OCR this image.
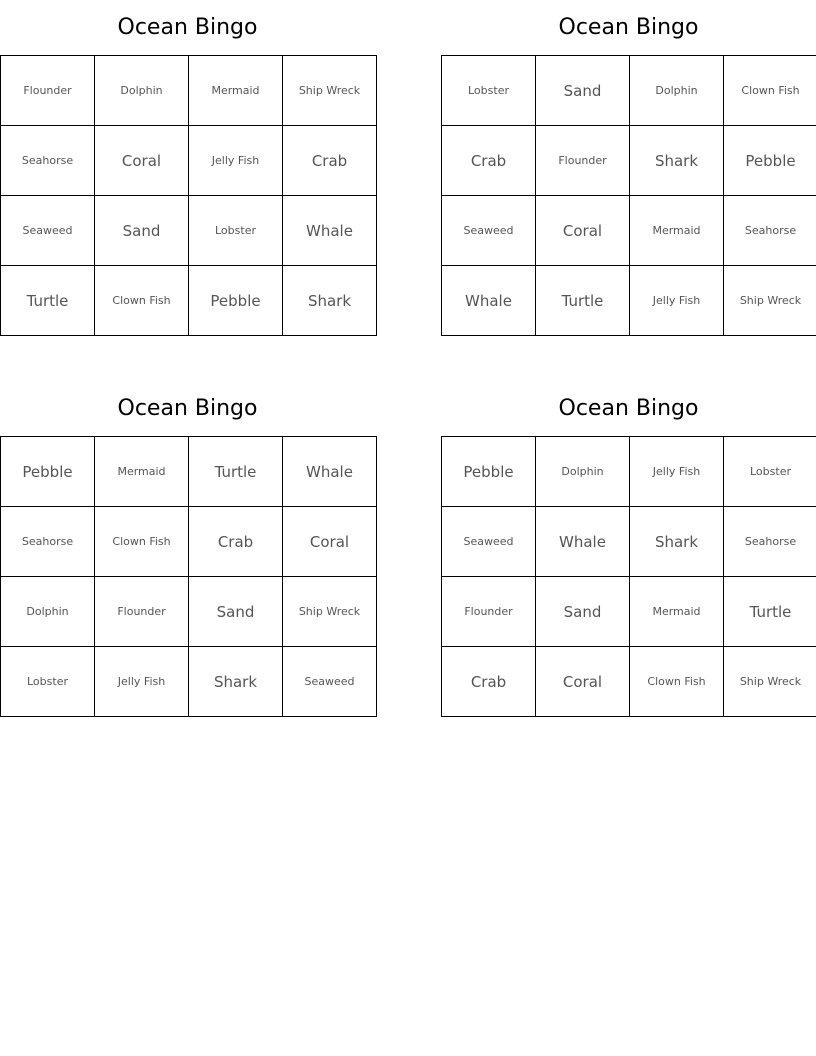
Ocean Bingo
Flounder	Dolphin	Mermaid	Ship Wreck
Seahorse	Coral	Jelly Fish	Crab
Seaweed	Sand	Lobster	Whale
Turtle	Clown Fish	Pebble	Shark
Ocean Bingo
Lobster	Sand	Dolphin	Clown Fish
Crab	Flounder	Shark	Pebble
Seaweed	Coral	Mermaid	Seahorse
Whale	Turtle	Jelly Fish	Ship Wreck
Ocean Bingo
Pebble	Mermaid	Turtle	Whale
Seahorse	Clown Fish	Crab	Coral
Dolphin	Flounder	Sand	Ship Wreck
Lobster	Jelly Fish	Shark	Seaweed
Ocean Bingo
Pebble	Dolphin	Jelly Fish	Lobster
Seaweed	Whale	Shark	Seahorse
Flounder	Sand	Mermaid	Turtle
Crab	Coral	Clown Fish	Ship Wreck
